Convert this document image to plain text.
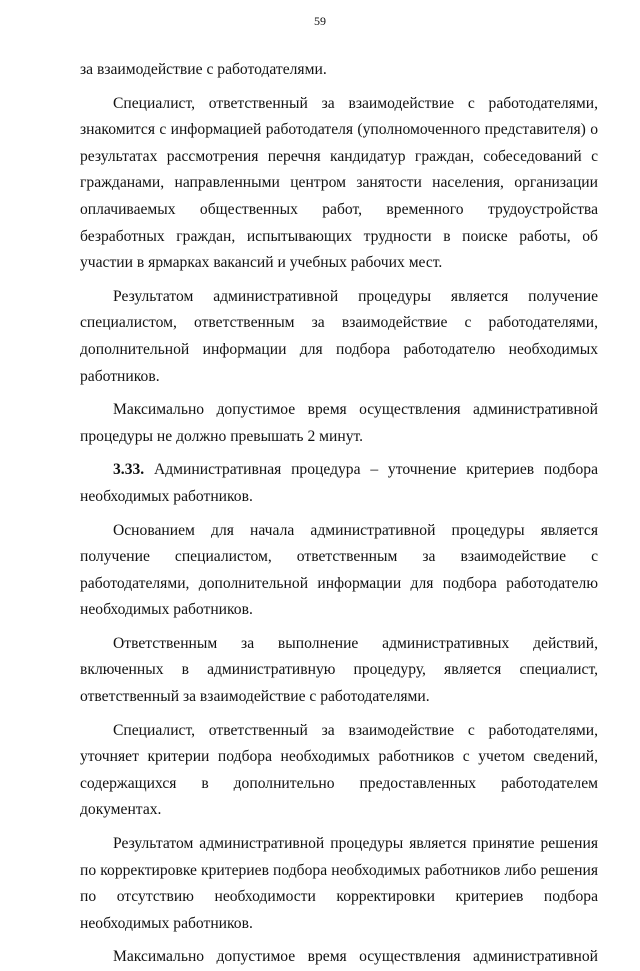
59

за взаимодействие с работодателями.

Специалист, ответственный за взаимодействие с работодателями, знакомится с информацией работодателя (уполномоченного представителя) о результатах рассмотрения перечня кандидатур граждан, собеседований с гражданами, направленными центром занятости населения, организации оплачиваемых общественных работ, временного трудоустройства безработных граждан, испытывающих трудности в поиске работы, об участии в ярмарках вакансий и учебных рабочих мест.

Результатом административной процедуры является получение специалистом, ответственным за взаимодействие с работодателями, дополнительной информации для подбора работодателю необходимых работников.

Максимально допустимое время осуществления административной процедуры не должно превышать 2 минут.

3.33. Административная процедура – уточнение критериев подбора необходимых работников.

Основанием для начала административной процедуры является получение специалистом, ответственным за взаимодействие с работодателями, дополнительной информации для подбора работодателю необходимых работников.

Ответственным за выполнение административных действий, включенных в административную процедуру, является специалист, ответственный за взаимодействие с работодателями.

Специалист, ответственный за взаимодействие с работодателями, уточняет критерии подбора необходимых работников с учетом сведений, содержащихся в дополнительно предоставленных работодателем документах.

Результатом административной процедуры является принятие решения по корректировке критериев подбора необходимых работников либо решения по отсутствию необходимости корректировки критериев подбора необходимых работников.

Максимально допустимое время осуществления административной
